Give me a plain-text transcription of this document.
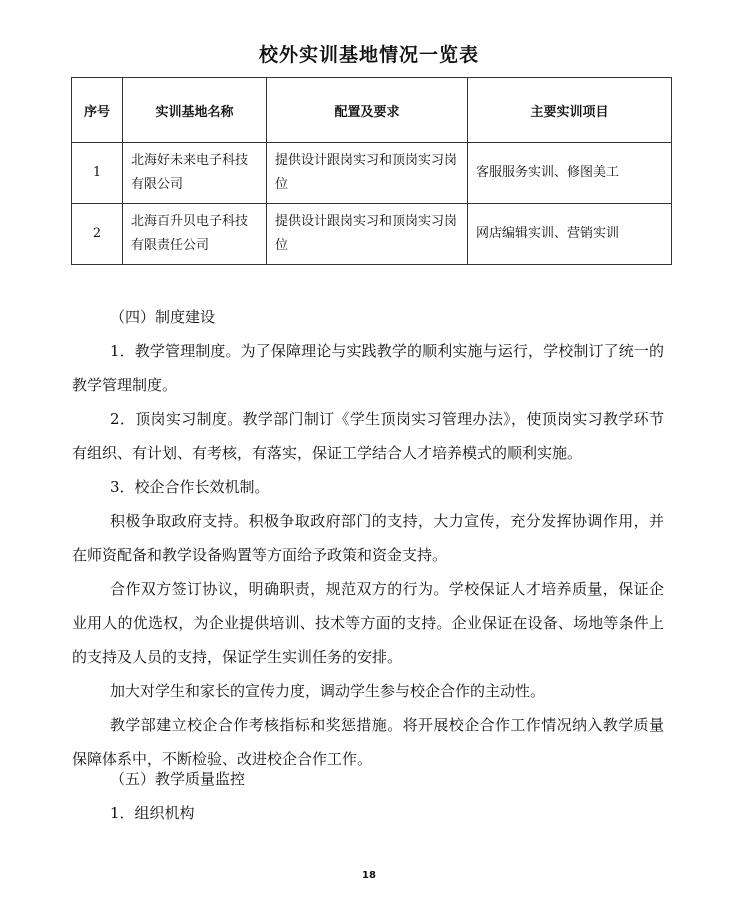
校外实训基地情况一览表
序号	实训基地名称	配置及要求	主要实训项目
1	北海好未来电子科技有限公司	提供设计跟岗实习和顶岗实习岗位	客服服务实训、修图美工
2	北海百升贝电子科技有限责任公司	提供设计跟岗实习和顶岗实习岗位	网店编辑实训、营销实训

（四）制度建设

1．教学管理制度。为了保障理论与实践教学的顺利实施与运行，学校制订了统一的教学管理制度。

2．顶岗实习制度。教学部门制订《学生顶岗实习管理办法》，使顶岗实习教学环节有组织、有计划、有考核，有落实，保证工学结合人才培养模式的顺利实施。

3．校企合作长效机制。

积极争取政府支持。积极争取政府部门的支持，大力宣传，充分发挥协调作用，并在师资配备和教学设备购置等方面给予政策和资金支持。

合作双方签订协议，明确职责，规范双方的行为。学校保证人才培养质量，保证企业用人的优选权，为企业提供培训、技术等方面的支持。企业保证在设备、场地等条件上的支持及人员的支持，保证学生实训任务的安排。

加大对学生和家长的宣传力度，调动学生参与校企合作的主动性。

教学部建立校企合作考核指标和奖惩措施。将开展校企合作工作情况纳入教学质量保障体系中，不断检验、改进校企合作工作。

（五）教学质量监控

1．组织机构

18
